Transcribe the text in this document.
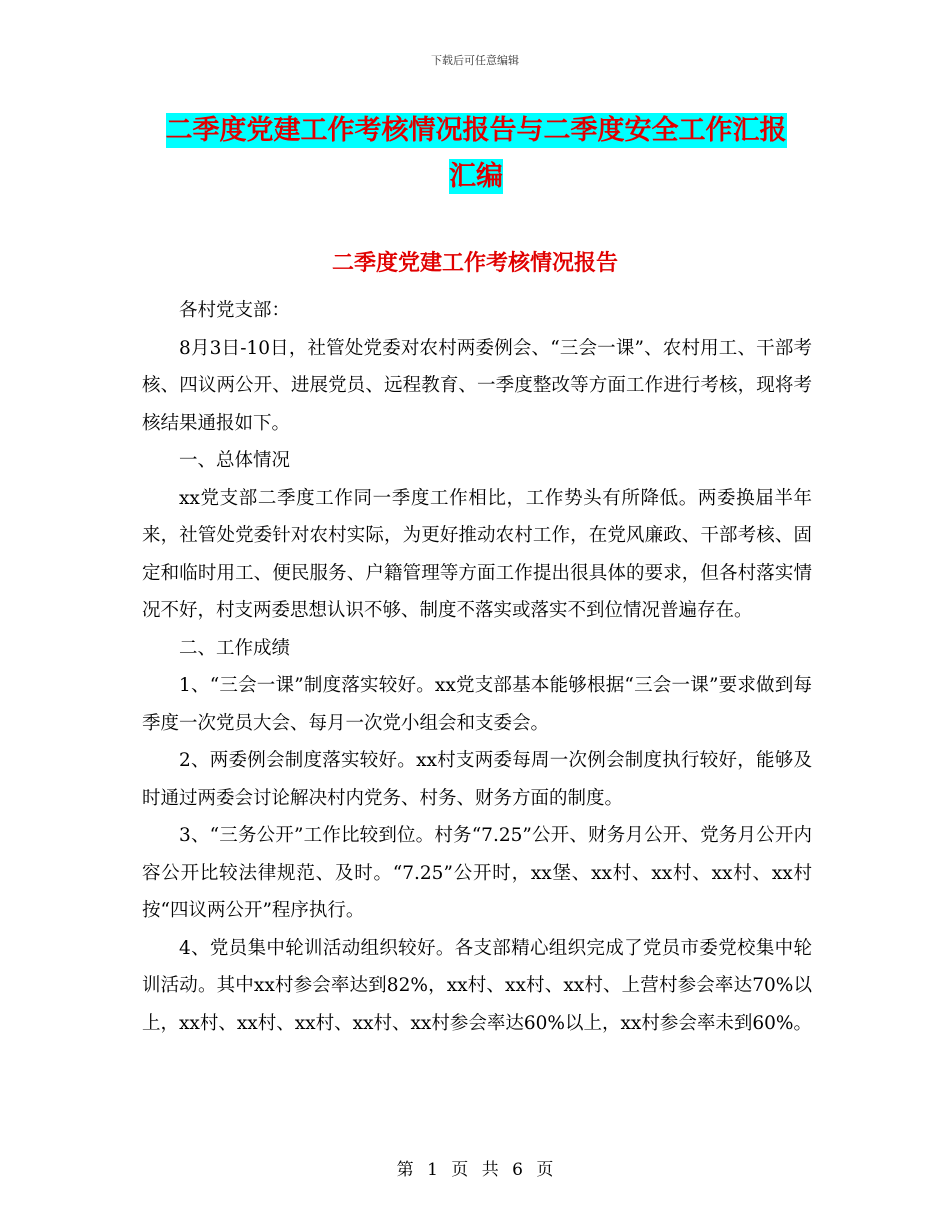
下载后可任意编辑
二季度党建工作考核情况报告与二季度安全工作汇报
汇编
二季度党建工作考核情况报告

各村党支部：

8月3日-10日，社管处党委对农村两委例会、“三会一课”、农村用工、干部考核、四议两公开、进展党员、远程教育、一季度整改等方面工作进行考核，现将考核结果通报如下。

一、总体情况

xx党支部二季度工作同一季度工作相比，工作势头有所降低。两委换届半年来，社管处党委针对农村实际，为更好推动农村工作，在党风廉政、干部考核、固定和临时用工、便民服务、户籍管理等方面工作提出很具体的要求，但各村落实情况不好，村支两委思想认识不够、制度不落实或落实不到位情况普遍存在。

二、工作成绩

1、“三会一课”制度落实较好。xx党支部基本能够根据“三会一课”要求做到每季度一次党员大会、每月一次党小组会和支委会。

2、两委例会制度落实较好。xx村支两委每周一次例会制度执行较好，能够及时通过两委会讨论解决村内党务、村务、财务方面的制度。

3、“三务公开”工作比较到位。村务“7.25”公开、财务月公开、党务月公开内容公开比较法律规范、及时。“7.25”公开时，xx堡、xx村、xx村、xx村、xx村按“四议两公开”程序执行。

4、党员集中轮训活动组织较好。各支部精心组织完成了党员市委党校集中轮训活动。其中xx村参会率达到82%，xx村、xx村、xx村、上营村参会率达70%以上，xx村、xx村、xx村、xx村、xx村参会率达60%以上，xx村参会率未到60%。

第 1 页 共 6 页
